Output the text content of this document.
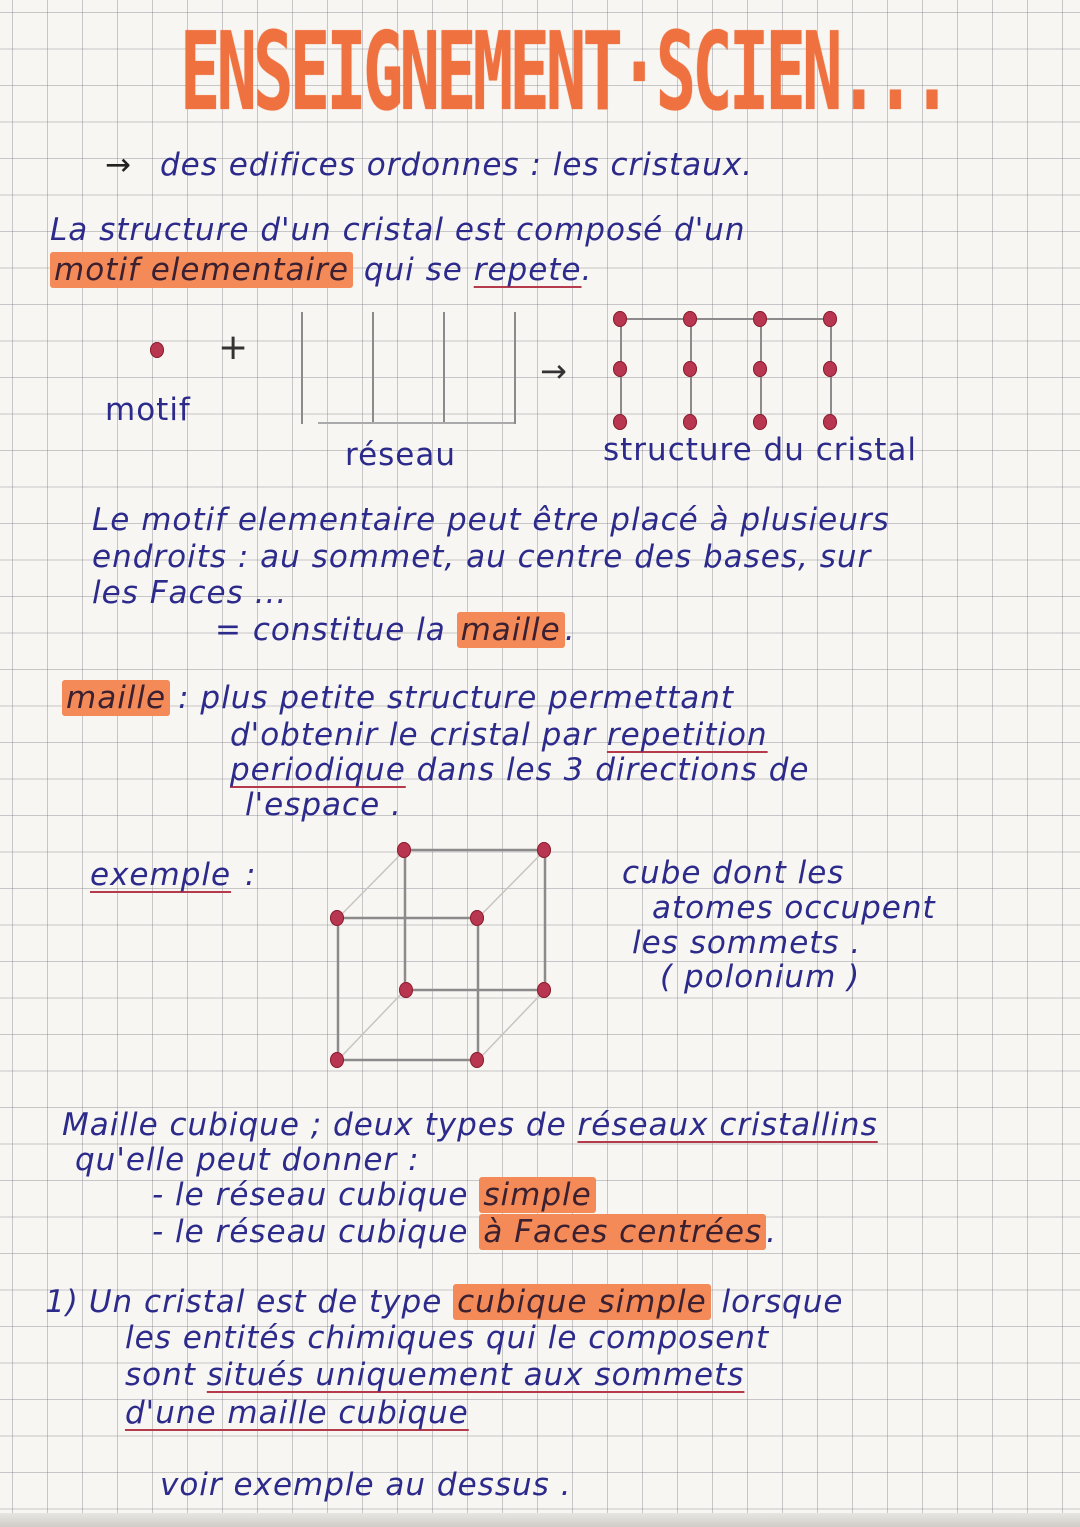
ENSEIGNEMENT·SCIEN...
→ des edifices ordonnes : les cristaux.
La structure d'un cristal est composé d'un
motif elementaire qui se repete.
+
motif
réseau
→
structure du cristal
Le motif elementaire peut être placé à plusieurs
endroits : au sommet, au centre des bases, sur
les Faces ...
= constitue la maille .
maille : plus petite structure permettant
d'obtenir le cristal par repetition
periodique dans les 3 directions de
l'espace .
exemple :	cube dont les
atomes occupent
les sommets .
( polonium )
Maille cubique ; deux types de réseaux cristallins
qu'elle peut donner :
- le réseau cubique simple
- le réseau cubique à Faces centrées .
1) Un cristal est de type cubique simple lorsque
les entités chimiques qui le composent
sont situés uniquement aux sommets
d'une maille cubique
voir exemple au dessus .
